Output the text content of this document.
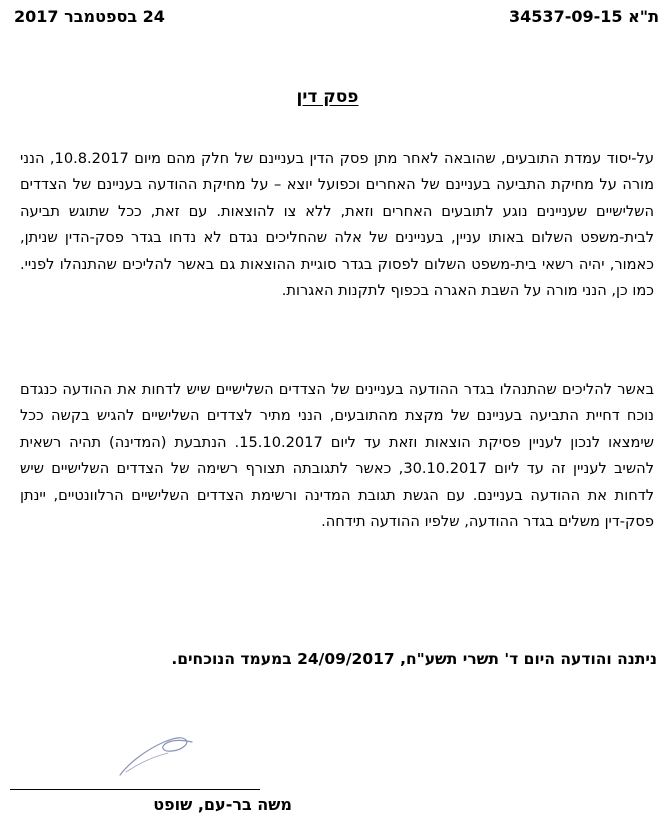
ת"א 34537-09-15
24 בספטמבר 2017
פסק דין
על-יסוד עמדת התובעים, שהובאה לאחר מתן פסק הדין בעניינם של חלק מהם מיום 10.8.2017, הנני מורה על מחיקת התביעה בעניינם של האחרים וכפועל יוצא – על מחיקת ההודעה בעניינם של הצדדים השלישיים שעניינים נוגע לתובעים האחרים וזאת, ללא צו להוצאות. עם זאת, ככל שתוגש תביעה לבית-משפט השלום באותו עניין, בעניינים של אלה שהחליכים נגדם לא נדחו בגדר פסק-הדין שניתן, כאמור, יהיה רשאי בית-משפט השלום לפסוק בגדר סוגיית ההוצאות גם באשר להליכים שהתנהלו לפניי. כמו כן, הנני מורה על השבת האגרה בכפוף לתקנות האגרות.
באשר להליכים שהתנהלו בגדר ההודעה בעניינים של הצדדים השלישיים שיש לדחות את ההודעה כנגדם נוכח דחיית התביעה בעניינם של מקצת מהתובעים, הנני מתיר לצדדים השלישיים להגיש בקשה ככל שימצאו לנכון לעניין פסיקת הוצאות וזאת עד ליום 15.10.2017. הנתבעת (המדינה) תהיה רשאית להשיב לעניין זה עד ליום 30.10.2017, כאשר לתגובתה תצורף רשימה של הצדדים השלישיים שיש לדחות את ההודעה בעניינם. עם הגשת תגובת המדינה ורשימת הצדדים השלישיים הרלוונטיים, יינתן פסק-דין משלים בגדר ההודעה, שלפיו ההודעה תידחה.
ניתנה והודעה היום ד' תשרי תשע"ח, 24/09/2017 במעמד הנוכחים.
משה בר-עם, שופט
